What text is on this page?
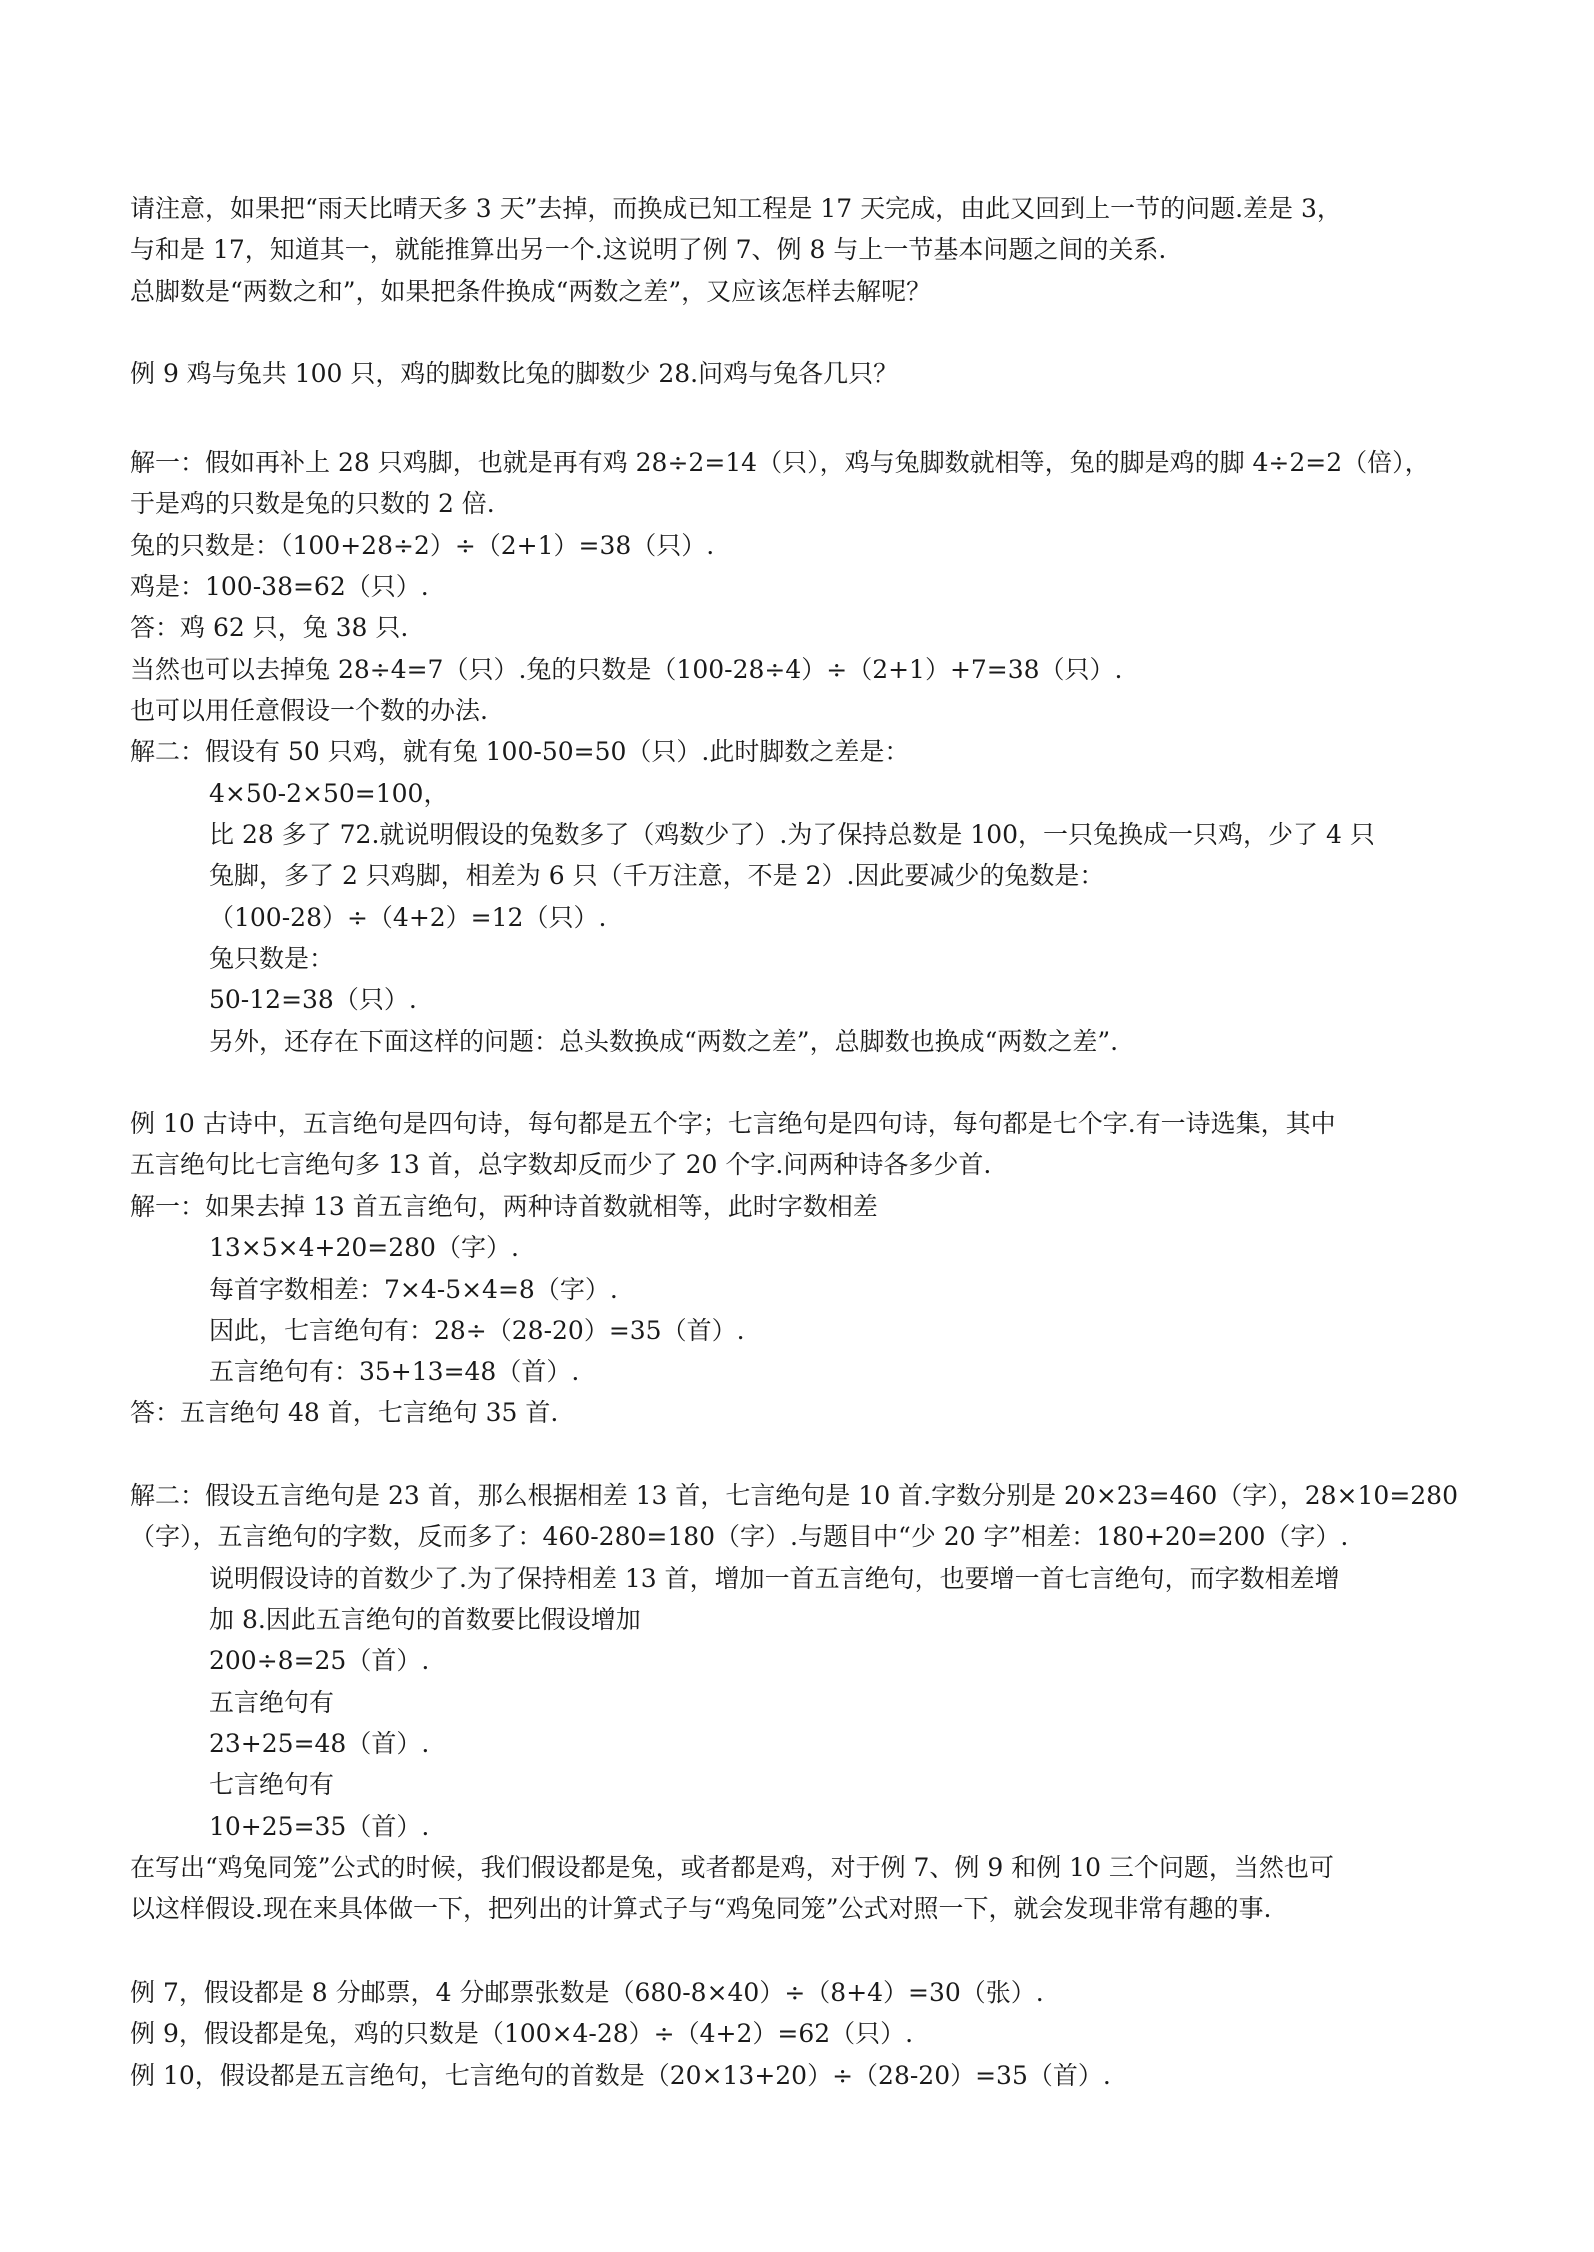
请注意，如果把“雨天比晴天多 3 天”去掉，而换成已知工程是 17 天完成，由此又回到上一节的问题.差是 3，
与和是 17，知道其一，就能推算出另一个.这说明了例 7、例 8 与上一节基本问题之间的关系.
总脚数是“两数之和”，如果把条件换成“两数之差”，又应该怎样去解呢？
例 9 鸡与兔共 100 只，鸡的脚数比兔的脚数少 28.问鸡与兔各几只？
解一：假如再补上 28 只鸡脚，也就是再有鸡 28÷2=14（只），鸡与兔脚数就相等，兔的脚是鸡的脚 4÷2=2（倍），
于是鸡的只数是兔的只数的 2 倍.
兔的只数是：（100+28÷2）÷（2+1）=38（只）.
鸡是：100-38=62（只）.
答：鸡 62 只，兔 38 只.
当然也可以去掉兔 28÷4=7（只）.兔的只数是（100-28÷4）÷（2+1）+7=38（只）.
也可以用任意假设一个数的办法.
解二：假设有 50 只鸡，就有兔 100-50=50（只）.此时脚数之差是：
4×50-2×50=100，
比 28 多了 72.就说明假设的兔数多了（鸡数少了）.为了保持总数是 100，一只兔换成一只鸡，少了 4 只
兔脚，多了 2 只鸡脚，相差为 6 只（千万注意，不是 2）.因此要减少的兔数是：
（100-28）÷（4+2）=12（只）.
兔只数是：
50-12=38（只）.
另外，还存在下面这样的问题：总头数换成“两数之差”，总脚数也换成“两数之差”.
例 10 古诗中，五言绝句是四句诗，每句都是五个字；七言绝句是四句诗，每句都是七个字.有一诗选集，其中
五言绝句比七言绝句多 13 首，总字数却反而少了 20 个字.问两种诗各多少首.
解一：如果去掉 13 首五言绝句，两种诗首数就相等，此时字数相差
13×5×4+20=280（字）.
每首字数相差：7×4-5×4=8（字）.
因此，七言绝句有：28÷（28-20）=35（首）.
五言绝句有：35+13=48（首）.
答：五言绝句 48 首，七言绝句 35 首.
解二：假设五言绝句是 23 首，那么根据相差 13 首，七言绝句是 10 首.字数分别是 20×23=460（字），28×10=280
（字），五言绝句的字数，反而多了：460-280=180（字）.与题目中“少 20 字”相差：180+20=200（字）.
说明假设诗的首数少了.为了保持相差 13 首，增加一首五言绝句，也要增一首七言绝句，而字数相差增
加 8.因此五言绝句的首数要比假设增加
200÷8=25（首）.
五言绝句有
23+25=48（首）.
七言绝句有
10+25=35（首）.
在写出“鸡兔同笼”公式的时候，我们假设都是兔，或者都是鸡，对于例 7、例 9 和例 10 三个问题，当然也可
以这样假设.现在来具体做一下，把列出的计算式子与“鸡兔同笼”公式对照一下，就会发现非常有趣的事.
例 7，假设都是 8 分邮票，4 分邮票张数是（680-8×40）÷（8+4）=30（张）.
例 9，假设都是兔，鸡的只数是（100×4-28）÷（4+2）=62（只）.
例 10，假设都是五言绝句，七言绝句的首数是（20×13+20）÷（28-20）=35（首）.
